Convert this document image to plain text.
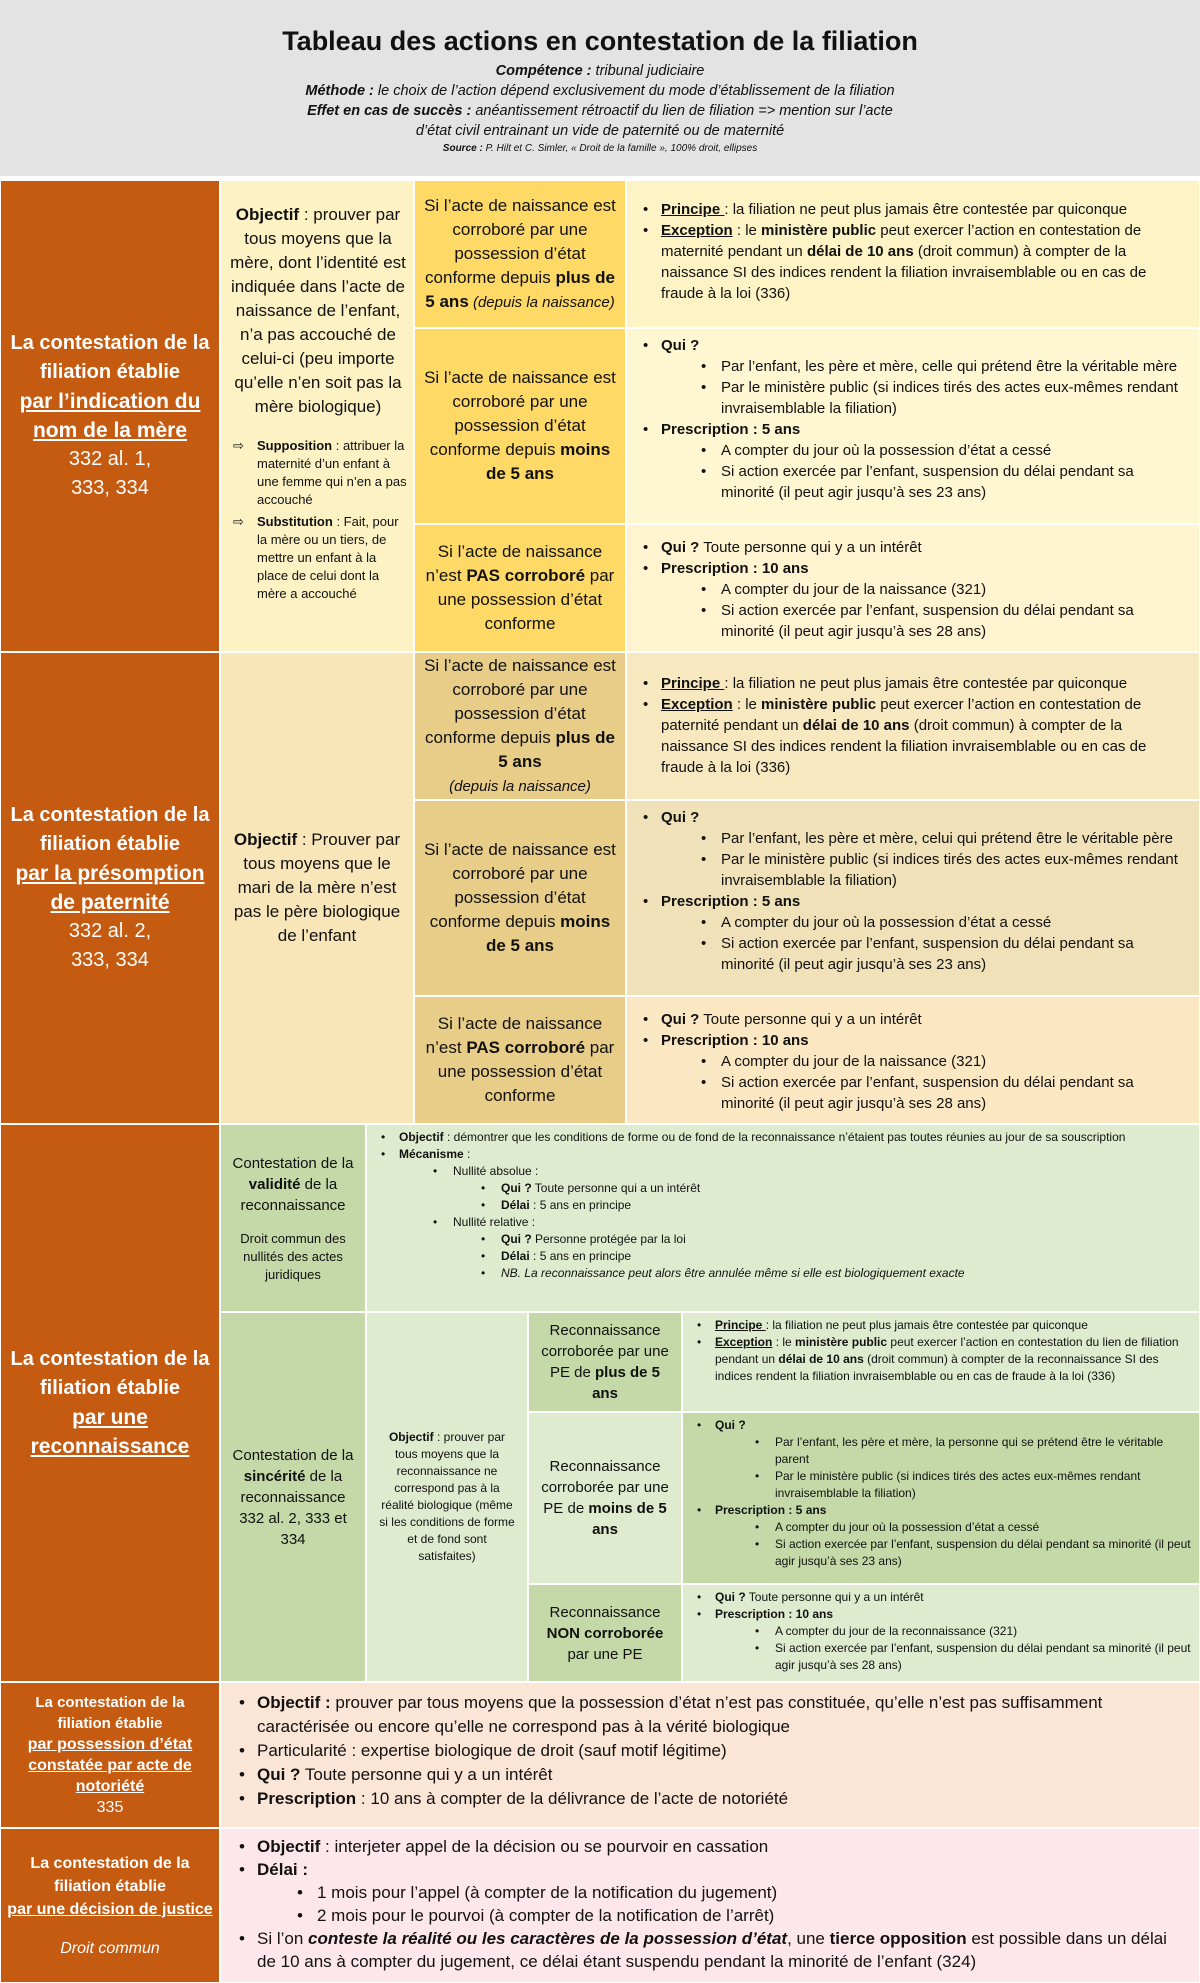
Tableau des actions en contestation de la filiation

Compétence : tribunal judiciaire

Méthode : le choix de l’action dépend exclusivement du mode d’établissement de la filiation

Effet en cas de succès : anéantissement rétroactif du lien de filiation => mention sur l’acte

d’état civil entrainant un vide de paternité ou de maternité

Source : P. Hilt et C. Simler, « Droit de la famille », 100% droit, ellipses

La contestation de la filiation établie
par l’indication du nom de la mère
332 al. 1,
333, 334

Objectif : prouver par tous moyens que la mère, dont l’identité est indiquée dans l’acte de naissance de l’enfant, n’a pas accouché de celui-ci (peu importe qu’elle n’en soit pas la mère biologique)

⇨ Supposition : attribuer la maternité d’un enfant à une femme qui n’en a pas accouché
⇨ Substitution : Fait, pour la mère ou un tiers, de mettre un enfant à la place de celui dont la mère a accouché

Si l’acte de naissance est corroboré par une possession d’état conforme depuis plus de 5 ans (depuis la naissance)

Si l’acte de naissance est corroboré par une possession d’état conforme depuis moins de 5 ans

Si l’acte de naissance n’est PAS corroboré par une possession d’état conforme

• Principe : la filiation ne peut plus jamais être contestée par quiconque
• Exception : le ministère public peut exercer l’action en contestation de maternité pendant un délai de 10 ans (droit commun) à compter de la naissance SI des indices rendent la filiation invraisemblable ou en cas de fraude à la loi (336)
• Qui ?
• Par l’enfant, les père et mère, celle qui prétend être la véritable mère
• Par le ministère public (si indices tirés des actes eux-mêmes rendant invraisemblable la filiation)
• Prescription : 5 ans
• A compter du jour où la possession d’état a cessé
• Si action exercée par l’enfant, suspension du délai pendant sa minorité (il peut agir jusqu’à ses 23 ans)
• Qui ? Toute personne qui y a un intérêt
• Prescription : 10 ans
• A compter du jour de la naissance (321)
• Si action exercée par l’enfant, suspension du délai pendant sa minorité (il peut agir jusqu’à ses 28 ans)
La contestation de la filiation établie
par la présomption de paternité
332 al. 2,
333, 334

Objectif : Prouver par tous moyens que le mari de la mère n’est pas le père biologique de l’enfant

Si l’acte de naissance est corroboré par une possession d’état conforme depuis plus de 5 ans

(depuis la naissance)

Si l’acte de naissance est corroboré par une possession d’état conforme depuis moins de 5 ans

Si l’acte de naissance n’est PAS corroboré par une possession d’état conforme

• Principe : la filiation ne peut plus jamais être contestée par quiconque
• Exception : le ministère public peut exercer l’action en contestation de paternité pendant un délai de 10 ans (droit commun) à compter de la naissance SI des indices rendent la filiation invraisemblable ou en cas de fraude à la loi (336)
• Qui ?
• Par l’enfant, les père et mère, celui qui prétend être le véritable père
• Par le ministère public (si indices tirés des actes eux-mêmes rendant invraisemblable la filiation)
• Prescription : 5 ans
• A compter du jour où la possession d’état a cessé
• Si action exercée par l’enfant, suspension du délai pendant sa minorité (il peut agir jusqu’à ses 23 ans)
• Qui ? Toute personne qui y a un intérêt
• Prescription : 10 ans
• A compter du jour de la naissance (321)
• Si action exercée par l’enfant, suspension du délai pendant sa minorité (il peut agir jusqu’à ses 28 ans)
La contestation de la filiation établie
par une reconnaissance

Contestation de la validité de la reconnaissance

Droit commun des nullités des actes juridiques

• Objectif : démontrer que les conditions de forme ou de fond de la reconnaissance n’étaient pas toutes réunies au jour de sa souscription
• Mécanisme :
• Nullité absolue :
• Qui ? Toute personne qui a un intérêt
• Délai : 5 ans en principe
• Nullité relative :
• Qui ? Personne protégée par la loi
• Délai : 5 ans en principe
• NB. La reconnaissance peut alors être annulée même si elle est biologiquement exacte

Contestation de la sincérité de la reconnaissance

332 al. 2, 333 et 334

Objectif : prouver par tous moyens que la reconnaissance ne correspond pas à la réalité biologique (même si les conditions de forme et de fond sont satisfaites)

Reconnaissance corroborée par une PE de plus de 5 ans

Reconnaissance corroborée par une PE de moins de 5 ans

Reconnaissance NON corroborée par une PE

• Principe : la filiation ne peut plus jamais être contestée par quiconque
• Exception : le ministère public peut exercer l’action en contestation du lien de filiation pendant un délai de 10 ans (droit commun) à compter de la reconnaissance SI des indices rendent la filiation invraisemblable ou en cas de fraude à la loi (336)
• Qui ?
• Par l’enfant, les père et mère, la personne qui se prétend être le véritable parent
• Par le ministère public (si indices tirés des actes eux-mêmes rendant invraisemblable la filiation)
• Prescription : 5 ans
• A compter du jour où la possession d’état a cessé
• Si action exercée par l’enfant, suspension du délai pendant sa minorité (il peut agir jusqu’à ses 23 ans)
• Qui ? Toute personne qui y a un intérêt
• Prescription : 10 ans
• A compter du jour de la reconnaissance (321)
• Si action exercée par l’enfant, suspension du délai pendant sa minorité (il peut agir jusqu’à ses 28 ans)
La contestation de la filiation établie
par possession d’état constatée par acte de notoriété
335
• Objectif : prouver par tous moyens que la possession d’état n’est pas constituée, qu’elle n’est pas suffisamment caractérisée ou encore qu’elle ne correspond pas à la vérité biologique
• Particularité : expertise biologique de droit (sauf motif légitime)
• Qui ? Toute personne qui y a un intérêt
• Prescription : 10 ans à compter de la délivrance de l’acte de notoriété
La contestation de la filiation établie
par une décision de justice
Droit commun
• Objectif : interjeter appel de la décision ou se pourvoir en cassation
• Délai :
• 1 mois pour l’appel (à compter de la notification du jugement)
• 2 mois pour le pourvoi (à compter de la notification de l’arrêt)
• Si l’on conteste la réalité ou les caractères de la possession d’état, une tierce opposition est possible dans un délai de 10 ans à compter du jugement, ce délai étant suspendu pendant la minorité de l’enfant (324)
